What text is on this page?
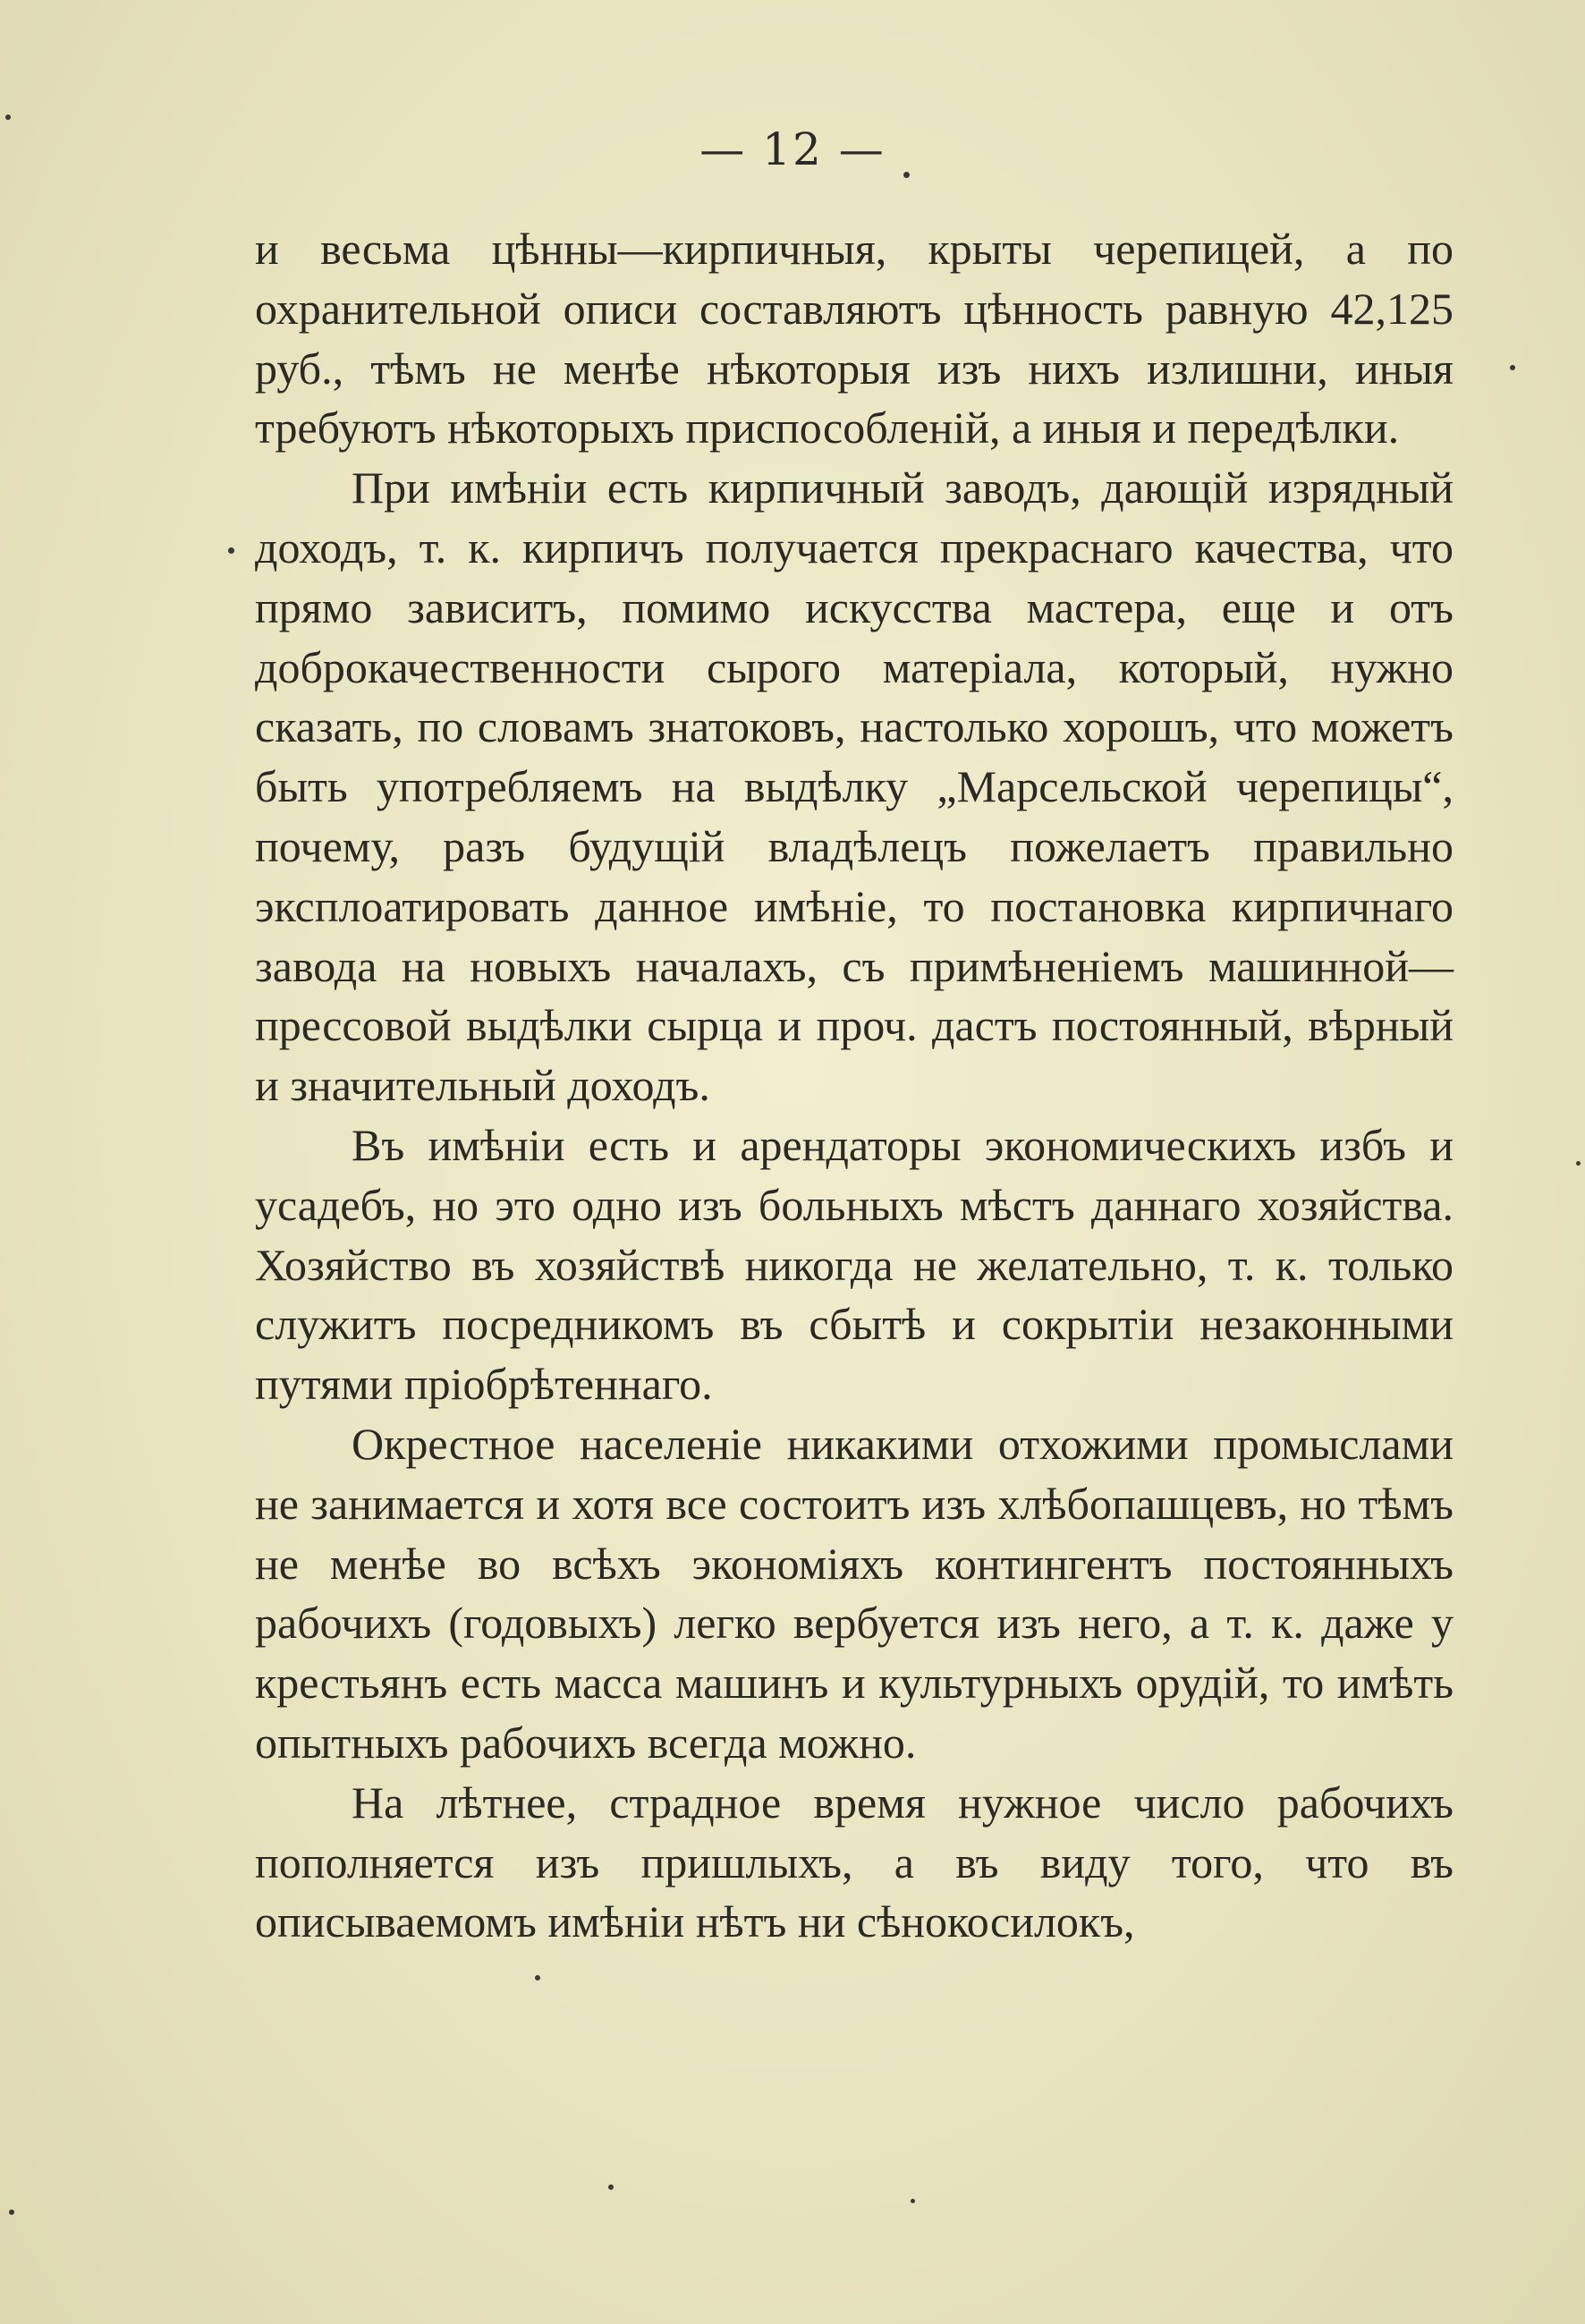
— 12 —

и весьма цѣнны—кирпичныя, крыты черепицей, а по охранительной описи составляютъ цѣнность равную 42,125 руб., тѣмъ не менѣе нѣкоторыя изъ нихъ излишни, иныя требуютъ нѣкоторыхъ приспособленій, а иныя и передѣлки.

При имѣніи есть кирпичный заводъ, дающій изрядный доходъ, т. к. кирпичъ получается прекраснаго качества, что прямо зависитъ, помимо искусства мастера, еще и отъ доброкачественности сырого матеріала, который, нужно сказать, по словамъ знатоковъ, настолько хорошъ, что можетъ быть употребляемъ на выдѣлку „Марсельской черепицы“, почему, разъ будущій владѣлецъ пожелаетъ правильно эксплоатировать данное имѣніе, то постановка кирпичнаго завода на новыхъ началахъ, съ примѣненіемъ машинной—прессовой выдѣлки сырца и проч. дастъ постоянный, вѣрный и значительный доходъ.

Въ имѣніи есть и арендаторы экономическихъ избъ и усадебъ, но это одно изъ больныхъ мѣстъ даннаго хозяйства. Хозяйство въ хозяйствѣ никогда не желательно, т. к. только служитъ посредникомъ въ сбытѣ и сокрытіи незаконными путями пріобрѣтеннаго.

Окрестное населеніе никакими отхожими промыслами не занимается и хотя все состоитъ изъ хлѣбопашцевъ, но тѣмъ не менѣе во всѣхъ экономіяхъ контингентъ постоянныхъ рабочихъ (годовыхъ) легко вербуется изъ него, а т. к. даже у крестьянъ есть масса машинъ и культурныхъ орудій, то имѣть опытныхъ рабочихъ всегда можно.

На лѣтнее, страдное время нужное число рабочихъ пополняется изъ пришлыхъ, а въ виду того, что въ описываемомъ имѣніи нѣтъ ни сѣнокосилокъ,
